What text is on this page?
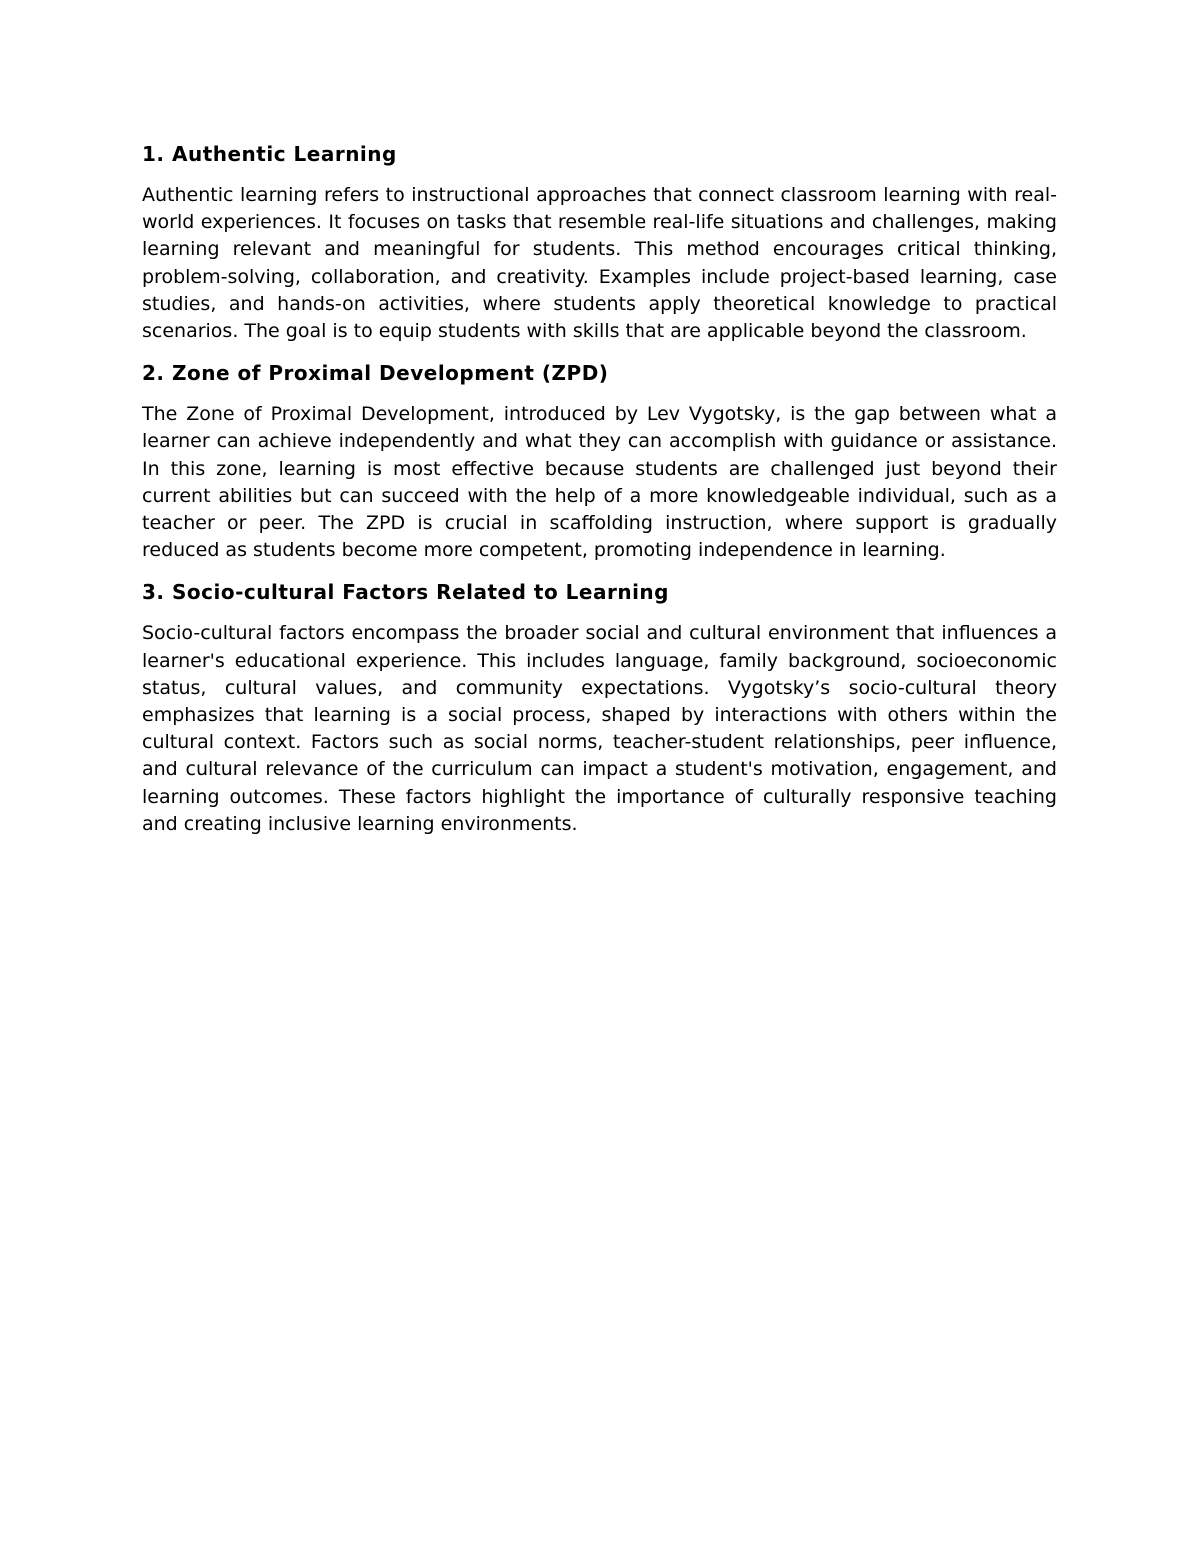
1. Authentic Learning

Authentic learning refers to instructional approaches that connect classroom learning with real-world experiences. It focuses on tasks that resemble real-life situations and challenges, making learning relevant and meaningful for students. This method encourages critical thinking, problem-solving, collaboration, and creativity. Examples include project-based learning, case studies, and hands-on activities, where students apply theoretical knowledge to practical scenarios. The goal is to equip students with skills that are applicable beyond the classroom.

2. Zone of Proximal Development (ZPD)

The Zone of Proximal Development, introduced by Lev Vygotsky, is the gap between what a learner can achieve independently and what they can accomplish with guidance or assistance. In this zone, learning is most effective because students are challenged just beyond their current abilities but can succeed with the help of a more knowledgeable individual, such as a teacher or peer. The ZPD is crucial in scaffolding instruction, where support is gradually reduced as students become more competent, promoting independence in learning.

3. Socio-cultural Factors Related to Learning

Socio-cultural factors encompass the broader social and cultural environment that influences a learner's educational experience. This includes language, family background, socioeconomic status, cultural values, and community expectations. Vygotsky’s socio-cultural theory emphasizes that learning is a social process, shaped by interactions with others within the cultural context. Factors such as social norms, teacher-student relationships, peer influence, and cultural relevance of the curriculum can impact a student's motivation, engagement, and learning outcomes. These factors highlight the importance of culturally responsive teaching and creating inclusive learning environments.
